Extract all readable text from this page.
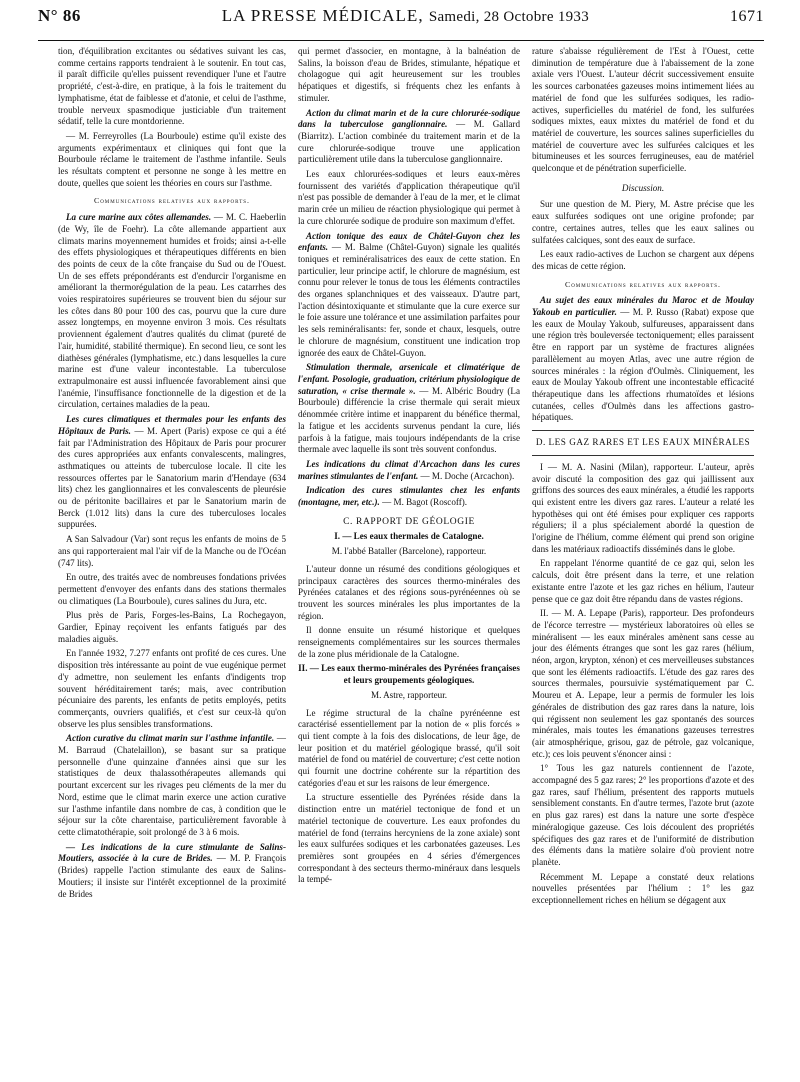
N° 86	LA PRESSE MÉDICALE, Samedi, 28 Octobre 1933	1671

tion, d'équilibration excitantes ou sédatives suivant les cas, comme certains rapports tendraient à le soutenir. En tout cas, il paraît difficile qu'elles puissent revendiquer l'une et l'autre propriété, c'est-à-dire, en pratique, à la fois le traitement du lymphatisme, état de faiblesse et d'atonie, et celui de l'asthme, trouble nerveux spasmodique justiciable d'un traitement sédatif, telle la cure montdorienne.

— M. Ferreyrolles (La Bourboule) estime qu'il existe des arguments expérimentaux et cliniques qui font que la Bourboule réclame le traitement de l'asthme infantile. Seuls les résultats comptent et personne ne songe à les mettre en doute, quelles que soient les théories en cours sur l'asthme.

Communications relatives aux rapports.

La cure marine aux côtes allemandes. — M. C. Haeberlin (de Wy, île de Foehr). La côte allemande appartient aux climats marins moyennement humides et froids; ainsi a-t-elle des effets physiologiques et thérapeutiques différents en bien des points de ceux de la côte française du Sud ou de l'Ouest. Un de ses effets prépondérants est d'endurcir l'organisme en améliorant la thermorégulation de la peau. Les catarrhes des voies respiratoires supérieures se trouvent bien du séjour sur les côtes dans 80 pour 100 des cas, pourvu que la cure dure assez longtemps, en moyenne environ 3 mois. Ces résultats proviennent également d'autres qualités du climat (pureté de l'air, humidité, stabilité thermique). En second lieu, ce sont les diathèses générales (lymphatisme, etc.) dans lesquelles la cure marine est d'une valeur incontestable. La tuberculose extrapulmonaire est aussi influencée favorablement ainsi que l'anémie, l'insuffisance fonctionnelle de la digestion et de la circulation, certaines maladies de la peau.

Les cures climatiques et thermales pour les enfants des Hôpitaux de Paris. — M. Apert (Paris) expose ce qui a été fait par l'Administration des Hôpitaux de Paris pour procurer des cures appropriées aux enfants convalescents, malingres, asthmatiques ou atteints de tuberculose locale. Il cite les ressources offertes par le Sanatorium marin d'Hendaye (634 lits) chez les ganglionnaires et les convalescents de pleurésie ou de péritonite bacillaires et par le Sanatorium marin de Berck (1.012 lits) dans la cure des tuberculoses locales suppurées.

A San Salvadour (Var) sont reçus les enfants de moins de 5 ans qui rapporteraient mal l'air vif de la Manche ou de l'Océan (747 lits).

En outre, des traités avec de nombreuses fondations privées permettent d'envoyer des enfants dans des stations thermales ou climatiques (La Bourboule), cures salines du Jura, etc.

Plus près de Paris, Forges-les-Bains, La Rochegayon, Gardier, Epinay reçoivent les enfants fatigués par des maladies aiguës.

En l'année 1932, 7.277 enfants ont profité de ces cures. Une disposition très intéressante au point de vue eugénique permet d'y admettre, non seulement les enfants d'indigents trop souvent héréditairement tarés; mais, avec contribution pécuniaire des parents, les enfants de petits employés, petits commerçants, ouvriers qualifiés, et c'est sur ceux-là qu'on observe les plus sensibles transformations.

Action curative du climat marin sur l'asthme infantile. — M. Barraud (Chatelaillon), se basant sur sa pratique personnelle d'une quinzaine d'années ainsi que sur les statistiques de deux thalassothérapeutes allemands qui pourtant excercent sur les rivages peu cléments de la mer du Nord, estime que le climat marin exerce une action curative sur l'asthme infantile dans nombre de cas, à condition que le séjour sur la côte charentaise, particulièrement favorable à cette climatothérapie, soit prolongé de 3 à 6 mois.

— Les indications de la cure stimulante de Salins-Moutiers, associée à la cure de Brides. — M. P. François (Brides) rappelle l'action stimulante des eaux de Salins-Moutiers; il insiste sur l'intérêt exceptionnel de la proximité de Brides

qui permet d'associer, en montagne, à la balnéation de Salins, la boisson d'eau de Brides, stimulante, hépatique et cholagogue qui agit heureusement sur les troubles hépatiques et digestifs, si fréquents chez les enfants à stimuler.

Action du climat marin et de la cure chlorurée-sodique dans la tuberculose ganglionnaire. — M. Gallard (Biarritz). L'action combinée du traitement marin et de la cure chlorurée-sodique trouve une application particulièrement utile dans la tuberculose ganglionnaire.

Les eaux chlorurées-sodiques et leurs eaux-mères fournissent des variétés d'application thérapeutique qu'il n'est pas possible de demander à l'eau de la mer, et le climat marin crée un milieu de réaction physiologique qui permet à la cure chlorurée sodique de produire son maximum d'effet.

Action tonique des eaux de Châtel-Guyon chez les enfants. — M. Balme (Châtel-Guyon) signale les qualités toniques et reminéralisatrices des eaux de cette station. En particulier, leur principe actif, le chlorure de magnésium, est connu pour relever le tonus de tous les éléments contractiles des organes splanchniques et des vaisseaux. D'autre part, l'action désintoxiquante et stimulante que la cure exerce sur le foie assure une tolérance et une assimilation parfaites pour les sels reminéralisants: fer, sonde et chaux, lesquels, outre le chlorure de magnésium, constituent une indication trop ignorée des eaux de Châtel-Guyon.

Stimulation thermale, arsenicale et climatérique de l'enfant. Posologie, graduation, critérium physiologique de saturation, « crise thermale ». — M. Albéric Boudry (La Bourboule) différencie la crise thermale qui serait mieux dénommée critère intime et inapparent du bénéfice thermal, la fatigue et les accidents survenus pendant la cure, liés parfois à la fatigue, mais toujours indépendants de la crise thermale avec laquelle ils sont très souvent confondus.

Les indications du climat d'Arcachon dans les cures marines stimulantes de l'enfant. — M. Doche (Arcachon).

Indication des cures stimulantes chez les enfants (montagne, mer, etc.). — M. Bagot (Roscoff).

C. RAPPORT DE GÉOLOGIE
I. — Les eaux thermales de Catalogne.
M. l'abbé Bataller (Barcelone), rapporteur.

L'auteur donne un résumé des conditions géologiques et principaux caractères des sources thermo-minérales des Pyrénées catalanes et des régions sous-pyrénéennes où se trouvent les sources minérales les plus importantes de la région.

Il donne ensuite un résumé historique et quelques renseignements complémentaires sur les sources thermales de la zone plus méridionale de la Catalogne.

II. — Les eaux thermo-minérales des Pyrénées françaises et leurs groupements géologiques.
M. Astre, rapporteur.

Le régime structural de la chaîne pyrénéenne est caractérisé essentiellement par la notion de « plis forcés » qui tient compte à la fois des dislocations, de leur âge, de leur position et du matériel géologique brassé, qu'il soit matériel de fond ou matériel de couverture; c'est cette notion qui fournit une doctrine cohérente sur la répartition des catégories d'eau et sur les raisons de leur émergence.

La structure essentielle des Pyrénées réside dans la distinction entre un matériel tectonique de fond et un matériel tectonique de couverture. Les eaux profondes du matériel de fond (terrains hercyniens de la zone axiale) sont les eaux sulfurées sodiques et les carbonatées gazeuses. Les premières sont groupées en 4 séries d'émergences correspondant à des secteurs thermo-minéraux dans lesquels la tempé-

rature s'abaisse régulièrement de l'Est à l'Ouest, cette diminution de température due à l'abaissement de la zone axiale vers l'Ouest. L'auteur décrit successivement ensuite les sources carbonatées gazeuses moins intimement liées au matériel de fond que les sulfurées sodiques, les radio-actives, superficielles du matériel de fond, les sulfurées sodiques mixtes, eaux mixtes du matériel de fond et du matériel de couverture, les sources salines superficielles du matériel de couverture avec les sulfurées calciques et les bitumineuses et les sources ferrugineuses, eau de matériel quelconque et de pénétration superficielle.

Discussion.

Sur une question de M. Piery, M. Astre précise que les eaux sulfurées sodiques ont une origine profonde; par contre, certaines autres, telles que les eaux salines ou sulfatées calciques, sont des eaux de surface.

Les eaux radio-actives de Luchon se chargent aux dépens des micas de cette région.

Communications relatives aux rapports.

Au sujet des eaux minérales du Maroc et de Moulay Yakoub en particulier. — M. P. Russo (Rabat) expose que les eaux de Moulay Yakoub, sulfureuses, apparaissent dans une région très bouleversée tectoniquement; elles paraissent être en rapport par un système de fractures alignées parallèlement au moyen Atlas, avec une autre région de sources minérales : la région d'Oulmès. Cliniquement, les eaux de Moulay Yakoub offrent une incontestable efficacité thérapeutique dans les affections rhumatoïdes et lésions cutanées, celles d'Oulmès dans les affections gastro-hépatiques.

D. LES GAZ RARES ET LES EAUX MINÉRALES

I — M. A. Nasini (Milan), rapporteur. L'auteur, après avoir discuté la composition des gaz qui jaillissent aux griffons des sources des eaux minérales, a étudié les rapports qui existent entre les divers gaz rares. L'auteur a relaté les hypothèses qui ont été émises pour expliquer ces rapports réguliers; il a plus spécialement abordé la question de l'origine de l'hélium, comme élément qui prend son origine dans les matériaux radioactifs disséminés dans le globe.

En rappelant l'énorme quantité de ce gaz qui, selon les calculs, doit être présent dans la terre, et une relation existante entre l'azote et les gaz riches en hélium, l'auteur pense que ce gaz doit être répandu dans de vastes régions.

II. — M. A. Lepape (Paris), rapporteur. Des profondeurs de l'écorce terrestre — mystérieux laboratoires où elles se minéralisent — les eaux minérales amènent sans cesse au jour des éléments étranges que sont les gaz rares (hélium, néon, argon, krypton, xénon) et ces merveilleuses substances que sont les éléments radioactifs. L'étude des gaz rares des sources thermales, poursuivie systématiquement par C. Moureu et A. Lepape, leur a permis de formuler les lois générales de distribution des gaz rares dans la nature, lois qui régissent non seulement les gaz spontanés des sources minérales, mais toutes les émanations gazeuses terrestres (air atmosphérique, grisou, gaz de pétrole, gaz volcanique, etc.); ces lois peuvent s'énoncer ainsi :

1° Tous les gaz naturels contiennent de l'azote, accompagné des 5 gaz rares; 2° les proportions d'azote et des gaz rares, sauf l'hélium, présentent des rapports mutuels sensiblement constants. En d'autre termes, l'azote brut (azote en plus gaz rares) est dans la nature une sorte d'espèce minéralogique gazeuse. Ces lois découlent des propriétés spécifiques des gaz rares et de l'uniformité de distribution des éléments dans la matière solaire d'où provient notre planète.

Récemment M. Lepape a constaté deux relations nouvelles présentées par l'hélium : 1° les gaz exceptionnellement riches en hélium se dégagent aux
